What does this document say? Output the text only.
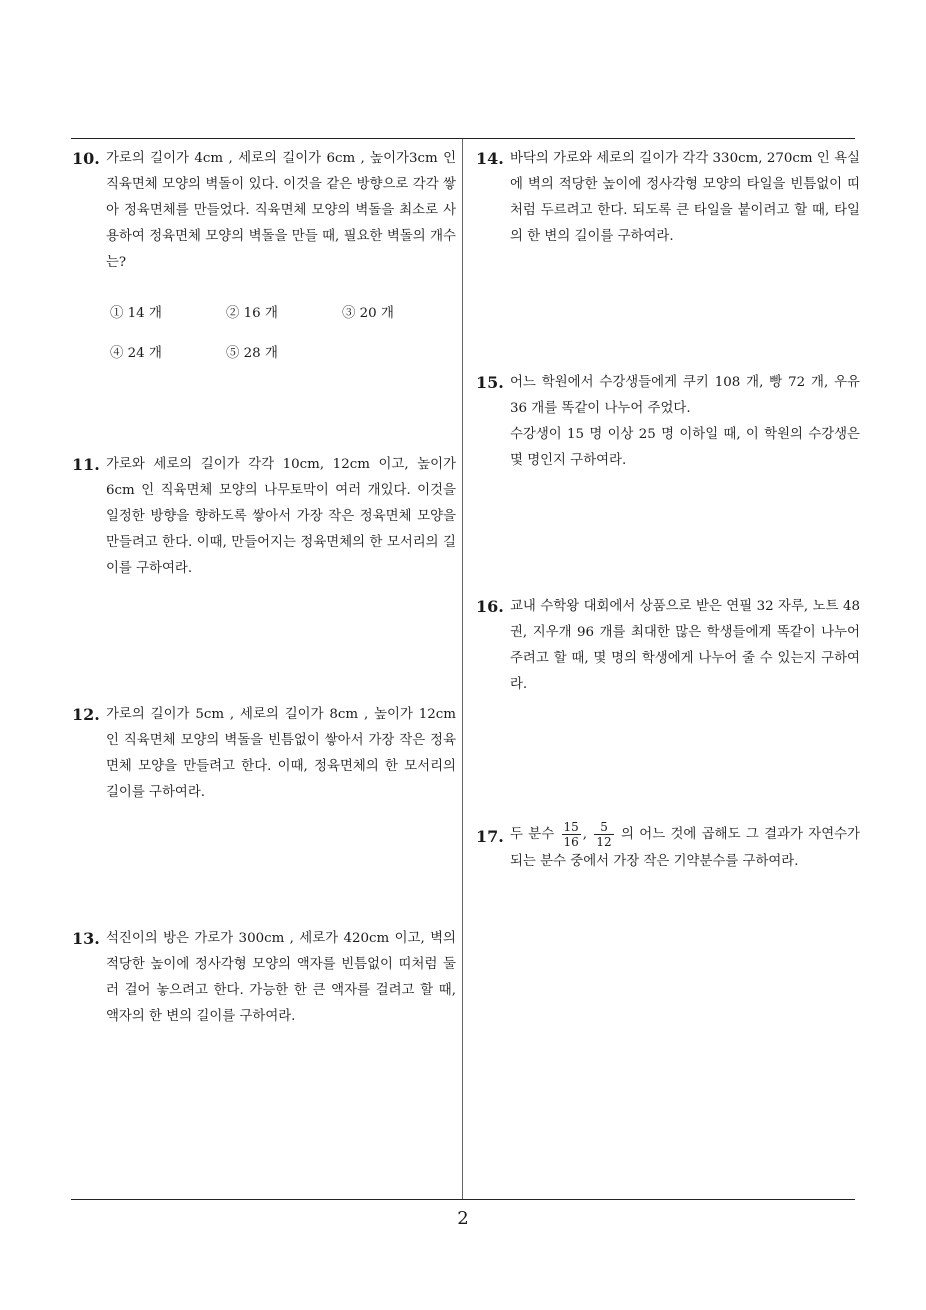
10. 가로의 길이가 4cm , 세로의 길이가 6cm , 높이가3cm 인 직육면체 모양의 벽돌이 있다. 이것을 같은 방향으로 각각 쌓아 정육면체를 만들었다. 직육면체 모양의 벽돌을 최소로 사용하여 정육면체 모양의 벽돌을 만들 때, 필요한 벽돌의 개수는?
① 14 개	② 16 개	③ 20 개
④ 24 개	⑤ 28 개
11. 가로와 세로의 길이가 각각 10cm, 12cm 이고, 높이가 6cm 인 직육면체 모양의 나무토막이 여러 개있다. 이것을 일정한 방향을 향하도록 쌓아서 가장 작은 정육면체 모양을 만들려고 한다. 이때, 만들어지는 정육면체의 한 모서리의 길이를 구하여라.
12. 가로의 길이가 5cm , 세로의 길이가 8cm , 높이가 12cm 인 직육면체 모양의 벽돌을 빈틈없이 쌓아서 가장 작은 정육면체 모양을 만들려고 한다. 이때, 정육면체의 한 모서리의 길이를 구하여라.
13. 석진이의 방은 가로가 300cm , 세로가 420cm 이고, 벽의 적당한 높이에 정사각형 모양의 액자를 빈틈없이 띠처럼 둘러 걸어 놓으려고 한다. 가능한 한 큰 액자를 걸려고 할 때, 액자의 한 변의 길이를 구하여라.
14. 바닥의 가로와 세로의 길이가 각각 330cm, 270cm 인 욕실에 벽의 적당한 높이에 정사각형 모양의 타일을 빈틈없이 띠처럼 두르려고 한다. 되도록 큰 타일을 붙이려고 할 때, 타일의 한 변의 길이를 구하여라.
15. 어느 학원에서 수강생들에게 쿠키 108 개, 빵 72 개, 우유 36 개를 똑같이 나누어 주었다.
수강생이 15 명 이상 25 명 이하일 때, 이 학원의 수강생은 몇 명인지 구하여라.
16. 교내 수학왕 대회에서 상품으로 받은 연필 32 자루, 노트 48 권, 지우개 96 개를 최대한 많은 학생들에게 똑같이 나누어 주려고 할 때, 몇 명의 학생에게 나누어 줄 수 있는지 구하여라.
17. 두 분수 $\frac{15}{16}$ , $\frac{5}{12}$ 의 어느 것에 곱해도 그 결과가 자연수가 되는 분수 중에서 가장 작은 기약분수를 구하여라.
2
